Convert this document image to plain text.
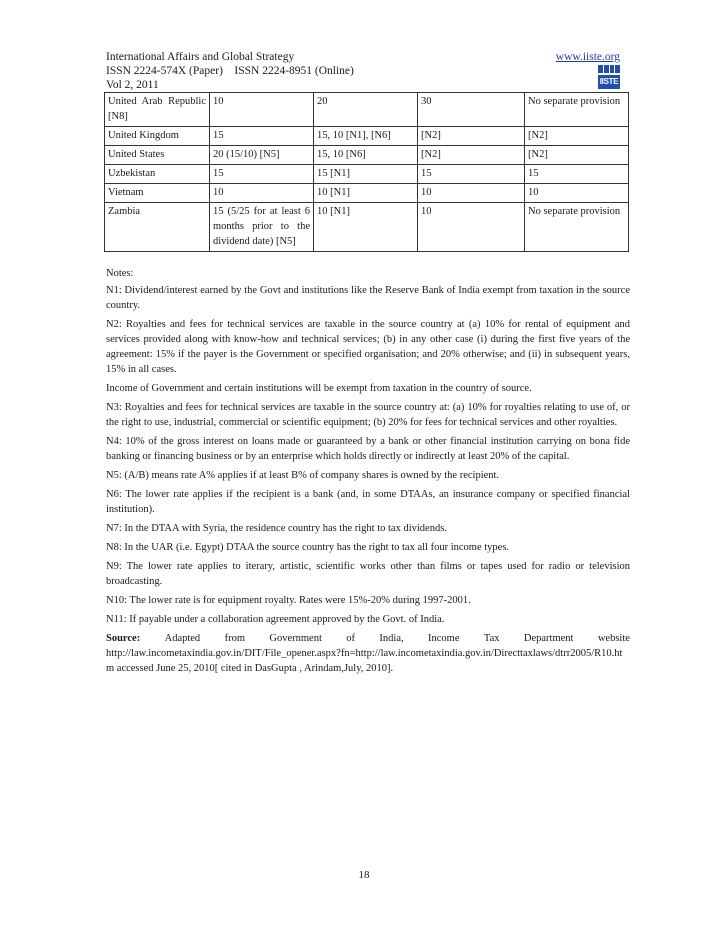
International Affairs and Global Strategy
ISSN 2224-574X (Paper)    ISSN 2224-8951 (Online)
Vol 2, 2011
www.iiste.org
IISTE
United Arab Republic [N8]	10	20	30	No separate provision
United Kingdom	15	15, 10 [N1], [N6]	[N2]	[N2]
United States	20 (15/10) [N5]	15, 10 [N6]	[N2]	[N2]
Uzbekistan	15	15 [N1]	15	15
Vietnam	10	10 [N1]	10	10
Zambia	15 (5/25 for at least 6 months prior to the dividend date) [N5]	10 [N1]	10	No separate provision

Notes:

N1: Dividend/interest earned by the Govt and institutions like the Reserve Bank of India exempt from taxation in the source country.

N2: Royalties and fees for technical services are taxable in the source country at (a) 10% for rental of equipment and services provided along with know-how and technical services; (b) in any other case (i) during the first five years of the agreement: 15% if the payer is the Government or specified organisation; and 20% otherwise; and (ii) in subsequent years, 15% in all cases.

Income of Government and certain institutions will be exempt from taxation in the country of source.

N3: Royalties and fees for technical services are taxable in the source country at: (a) 10% for royalties relating to use of, or the right to use, industrial, commercial or scientific equipment; (b) 20% for fees for technical services and other royalties.

N4: 10% of the gross interest on loans made or guaranteed by a bank or other financial institution carrying on bona fide banking or financing business or by an enterprise which holds directly or indirectly at least 20% of the capital.

N5: (A/B) means rate A% applies if at least B% of company shares is owned by the recipient.

N6: The lower rate applies if the recipient is a bank (and, in some DTAAs, an insurance company or specified financial institution).

N7: In the DTAA with Syria, the residence country has the right to tax dividends.

N8: In the UAR (i.e. Egypt) DTAA the source country has the right to tax all four income types.

N9: The lower rate applies to iterary, artistic, scientific works other than films or tapes used for radio or television broadcasting.

N10: The lower rate is for equipment royalty. Rates were 15%-20% during 1997-2001.

N11: If payable under a collaboration agreement approved by the Govt. of India.

Source: Adapted from Government of India, Income Tax Department website

http://law.incometaxindia.gov.in/DIT/File_opener.aspx?fn=http://law.incometaxindia.gov.in/Directtaxlaws/dtrr2005/R10.htm accessed June 25, 2010[ cited in DasGupta , Arindam,July, 2010].

18
